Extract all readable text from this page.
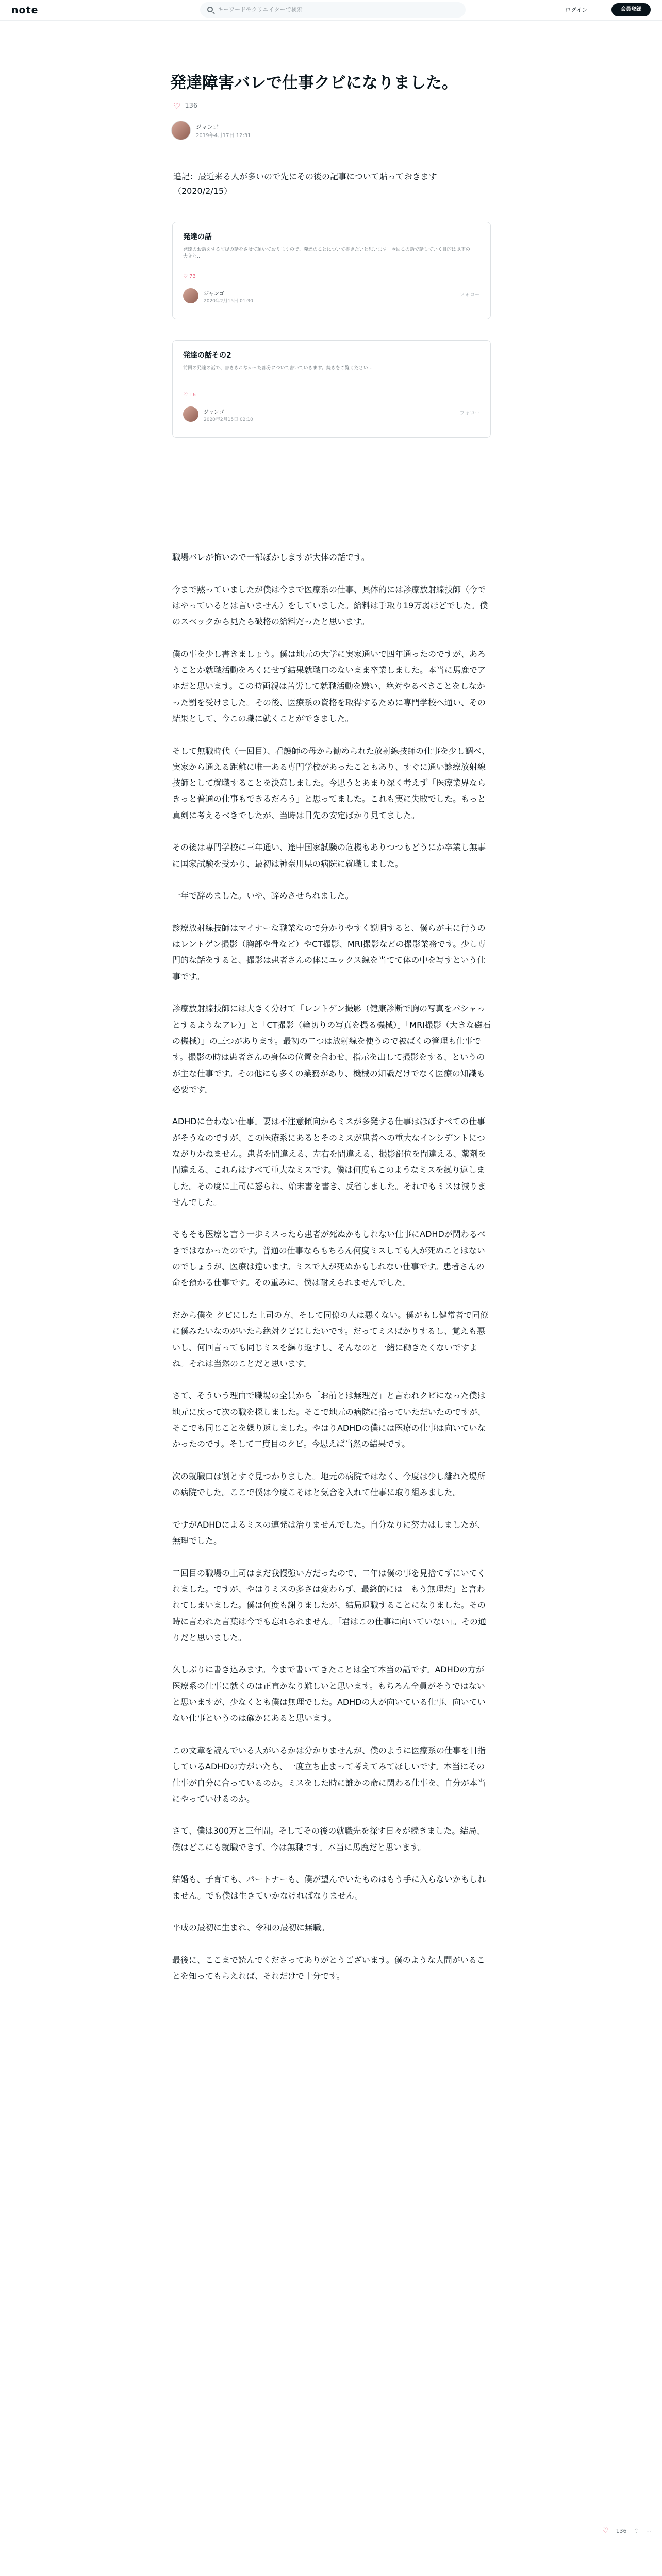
note	キーワードやクリエイターで検索	ログイン	会員登録
発達障害バレで仕事クビになりました。
♡ 136
ジャンゴ
2019年4月17日 12:31
追記：最近来る人が多いので先にその後の記事について貼っておきます（2020/2/15）
発達の話
発達のお話をする前提の話をさせて頂いておりますので、発達のことについて書きたいと思います。今回この話で話していく目的は以下の大きな…
♡ 73
ジャンゴ
2020年2月15日 01:30
フォロー
発達の話その2
前回の発達の話で、書ききれなかった部分について書いていきます。続きをご覧ください…
♡ 16
ジャンゴ
2020年2月15日 02:10
フォロー

職場バレが怖いので一部ぼかしますが大体の話です。

今まで黙っていましたが僕は今まで医療系の仕事、具体的には診療放射線技師（今ではやっているとは言いません）をしていました。給料は手取り19万弱ほどでした。僕のスペックから見たら破格の給料だったと思います。

僕の事を少し書きましょう。僕は地元の大学に実家通いで四年通ったのですが、あろうことか就職活動をろくにせず結果就職口のないまま卒業しました。本当に馬鹿でアホだと思います。この時両親は苦労して就職活動を嫌い、絶対やるべきことをしなかった罰を受けました。その後、医療系の資格を取得するために専門学校へ通い、その結果として、今この職に就くことができました。

そして無職時代（一回目）、看護師の母から勧められた放射線技師の仕事を少し調べ、実家から通える距離に唯一ある専門学校があったこともあり、すぐに通い診療放射線技師として就職することを決意しました。今思うとあまり深く考えず「医療業界ならきっと普通の仕事もできるだろう」と思ってました。これも実に失敗でした。もっと真剣に考えるべきでしたが、当時は目先の安定ばかり見てました。

その後は専門学校に三年通い、途中国家試験の危機もありつつもどうにか卒業し無事に国家試験を受かり、最初は神奈川県の病院に就職しました。

一年で辞めました。いや、辞めさせられました。

診療放射線技師はマイナーな職業なので分かりやすく説明すると、僕らが主に行うのはレントゲン撮影（胸部や骨など）やCT撮影、MRI撮影などの撮影業務です。少し専門的な話をすると、撮影は患者さんの体にエックス線を当てて体の中を写すという仕事です。

診療放射線技師には大きく分けて「レントゲン撮影（健康診断で胸の写真をパシャっとするようなアレ）」と「CT撮影（輪切りの写真を撮る機械）」「MRI撮影（大きな磁石の機械）」の三つがあります。最初の二つは放射線を使うので被ばくの管理も仕事です。撮影の時は患者さんの身体の位置を合わせ、指示を出して撮影をする、というのが主な仕事です。その他にも多くの業務があり、機械の知識だけでなく医療の知識も必要です。

ADHDに合わない仕事。要は不注意傾向からミスが多発する仕事はほぼすべての仕事がそうなのですが、この医療系にあるとそのミスが患者への重大なインシデントにつながりかねません。患者を間違える、左右を間違える、撮影部位を間違える、薬剤を間違える、これらはすべて重大なミスです。僕は何度もこのようなミスを繰り返しました。その度に上司に怒られ、始末書を書き、反省しました。それでもミスは減りませんでした。

そもそも医療と言う一歩ミスったら患者が死ぬかもしれない仕事にADHDが関わるべきではなかったのです。普通の仕事ならもちろん何度ミスしても人が死ぬことはないのでしょうが、医療は違います。ミスで人が死ぬかもしれない仕事です。患者さんの命を預かる仕事です。その重みに、僕は耐えられませんでした。

だから僕を クビにした上司の方、そして同僚の人は悪くない。僕がもし健常者で同僚に僕みたいなのがいたら絶対クビにしたいです。だってミスばかりするし、覚えも悪いし、何回言っても同じミスを繰り返すし、そんなのと一緒に働きたくないですよね。それは当然のことだと思います。

さて、そういう理由で職場の全員から「お前とは無理だ」と言われクビになった僕は地元に戻って次の職を探しました。そこで地元の病院に拾っていただいたのですが、そこでも同じことを繰り返しました。やはりADHDの僕には医療の仕事は向いていなかったのです。そして二度目のクビ。今思えば当然の結果です。

次の就職口は割とすぐ見つかりました。地元の病院ではなく、今度は少し離れた場所の病院でした。ここで僕は今度こそはと気合を入れて仕事に取り組みました。

ですがADHDによるミスの連発は治りませんでした。自分なりに努力はしましたが、無理でした。

二回目の職場の上司はまだ我慢強い方だったので、二年は僕の事を見捨てずにいてくれました。ですが、やはりミスの多さは変わらず、最終的には「もう無理だ」と言われてしまいました。僕は何度も謝りましたが、結局退職することになりました。その時に言われた言葉は今でも忘れられません。「君はこの仕事に向いていない」。その通りだと思いました。

久しぶりに書き込みます。今まで書いてきたことは全て本当の話です。ADHDの方が医療系の仕事に就くのは正直かなり難しいと思います。もちろん全員がそうではないと思いますが、少なくとも僕は無理でした。ADHDの人が向いている仕事、向いていない仕事というのは確かにあると思います。

この文章を読んでいる人がいるかは分かりませんが、僕のように医療系の仕事を目指しているADHDの方がいたら、一度立ち止まって考えてみてほしいです。本当にその仕事が自分に合っているのか。ミスをした時に誰かの命に関わる仕事を、自分が本当にやっていけるのか。

さて、僕は300万と三年間。そしてその後の就職先を探す日々が続きました。結局、僕はどこにも就職できず、今は無職です。本当に馬鹿だと思います。

結婚も、子育ても、パートナーも、僕が望んでいたものはもう手に入らないかもしれません。でも僕は生きていかなければなりません。

平成の最初に生まれ、令和の最初に無職。

最後に、ここまで読んでくださってありがとうございます。僕のような人間がいることを知ってもらえれば、それだけで十分です。

♡ 136 ⇪ ⋯
